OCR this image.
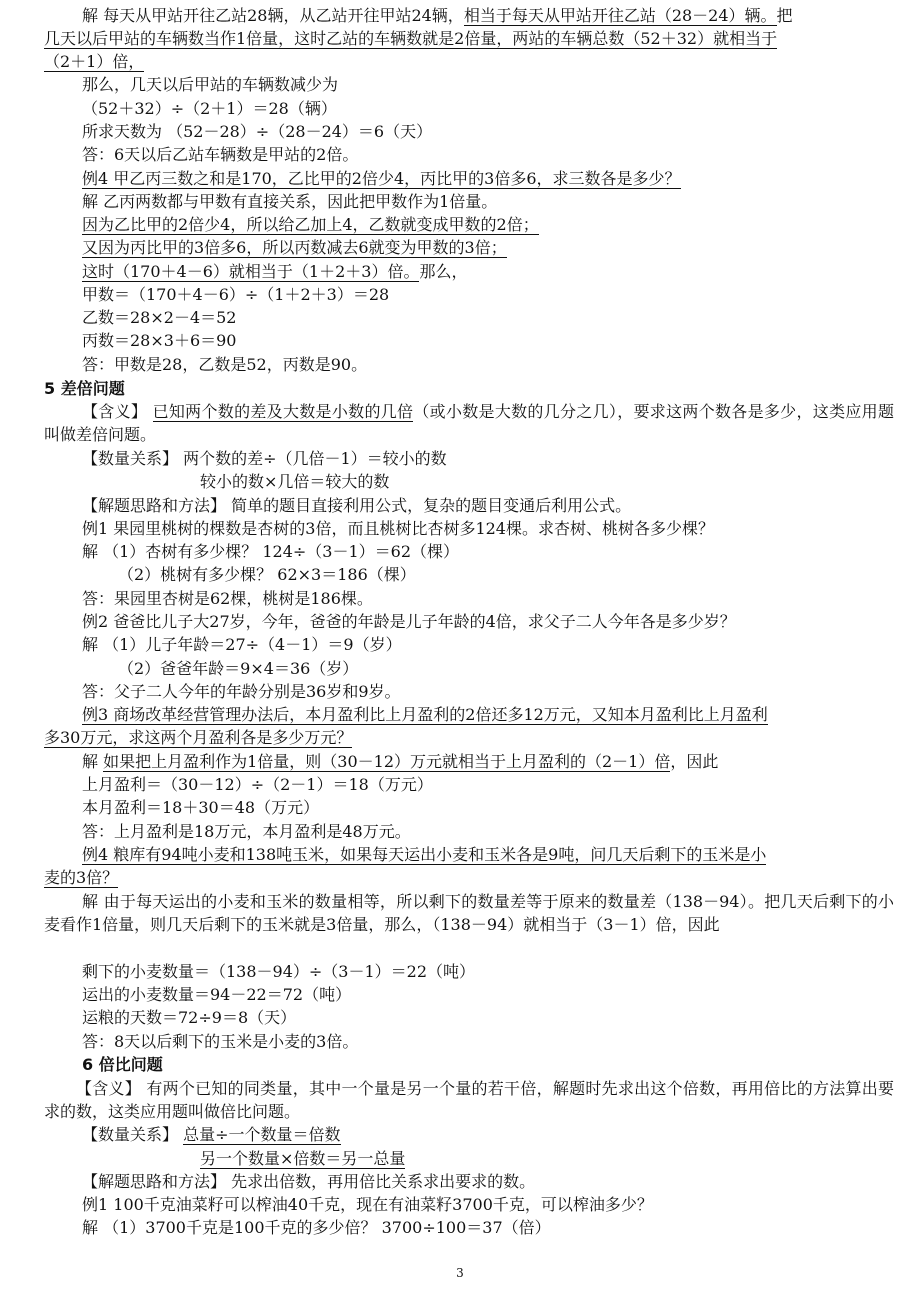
解 每天从甲站开往乙站28辆，从乙站开往甲站24辆，相当于每天从甲站开往乙站（28－24）辆。把
几天以后甲站的车辆数当作1倍量，这时乙站的车辆数就是2倍量，两站的车辆总数（52＋32）就相当于
（2＋1）倍，
那么，几天以后甲站的车辆数减少为
（52＋32）÷（2＋1）＝28（辆）
所求天数为 （52－28）÷（28－24）＝6（天）
答：6天以后乙站车辆数是甲站的2倍。
例4 甲乙丙三数之和是170，乙比甲的2倍少4，丙比甲的3倍多6，求三数各是多少？
解 乙丙两数都与甲数有直接关系，因此把甲数作为1倍量。
因为乙比甲的2倍少4，所以给乙加上4，乙数就变成甲数的2倍；
又因为丙比甲的3倍多6，所以丙数减去6就变为甲数的3倍；
这时（170＋4－6）就相当于（1＋2＋3）倍。那么，
甲数＝（170＋4－6）÷（1＋2＋3）＝28
乙数＝28×2－4＝52
丙数＝28×3＋6＝90
答：甲数是28，乙数是52，丙数是90。
5 差倍问题
【含义】 已知两个数的差及大数是小数的几倍（或小数是大数的几分之几），要求这两个数各是多少，这类应用题叫做差倍问题。
【数量关系】 两个数的差÷（几倍－1）＝较小的数
较小的数×几倍＝较大的数
【解题思路和方法】 简单的题目直接利用公式，复杂的题目变通后利用公式。
例1 果园里桃树的棵数是杏树的3倍，而且桃树比杏树多124棵。求杏树、桃树各多少棵？
解 （1）杏树有多少棵？ 124÷（3－1）＝62（棵）
（2）桃树有多少棵？ 62×3＝186（棵）
答：果园里杏树是62棵，桃树是186棵。
例2 爸爸比儿子大27岁，今年，爸爸的年龄是儿子年龄的4倍，求父子二人今年各是多少岁？
解 （1）儿子年龄＝27÷（4－1）＝9（岁）
（2）爸爸年龄＝9×4＝36（岁）
答：父子二人今年的年龄分别是36岁和9岁。
例3 商场改革经营管理办法后，本月盈利比上月盈利的2倍还多12万元，又知本月盈利比上月盈利
多30万元，求这两个月盈利各是多少万元？
解 如果把上月盈利作为1倍量，则（30－12）万元就相当于上月盈利的（2－1）倍，因此
上月盈利＝（30－12）÷（2－1）＝18（万元）
本月盈利＝18＋30＝48（万元）
答：上月盈利是18万元，本月盈利是48万元。
例4 粮库有94吨小麦和138吨玉米，如果每天运出小麦和玉米各是9吨，问几天后剩下的玉米是小
麦的3倍？
解 由于每天运出的小麦和玉米的数量相等，所以剩下的数量差等于原来的数量差（138－94）。把几天后剩下的小麦看作1倍量，则几天后剩下的玉米就是3倍量，那么，（138－94）就相当于（3－1）倍，因此
剩下的小麦数量＝（138－94）÷（3－1）＝22（吨）
运出的小麦数量＝94－22＝72（吨）
运粮的天数＝72÷9＝8（天）
答：8天以后剩下的玉米是小麦的3倍。
6 倍比问题
【含义】 有两个已知的同类量，其中一个量是另一个量的若干倍，解题时先求出这个倍数，再用倍比的方法算出要求的数，这类应用题叫做倍比问题。
【数量关系】 总量÷一个数量＝倍数
另一个数量×倍数＝另一总量
【解题思路和方法】 先求出倍数，再用倍比关系求出要求的数。
例1 100千克油菜籽可以榨油40千克，现在有油菜籽3700千克，可以榨油多少？
解 （1）3700千克是100千克的多少倍？ 3700÷100＝37（倍）
3
